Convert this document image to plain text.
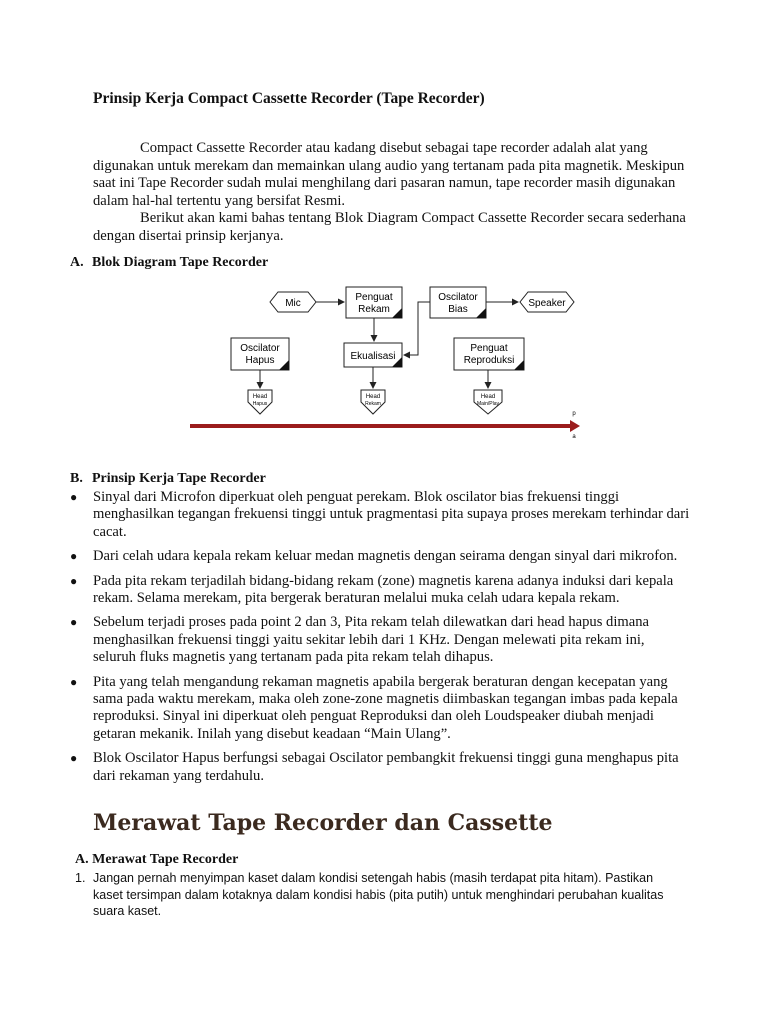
Prinsip Kerja Compact Cassette Recorder (Tape Recorder)

Compact Cassette Recorder atau kadang disebut sebagai tape recorder adalah alat yang digunakan untuk merekam dan memainkan ulang audio yang tertanam pada pita magnetik. Meskipun saat ini Tape Recorder sudah mulai menghilang dari pasaran namun, tape recorder masih digunakan dalam hal-hal tertentu yang bersifat Resmi.

Berikut akan kami bahas tentang Blok Diagram Compact Cassette Recorder secara sederhana dengan disertai prinsip kerjanya.

A. Blok Diagram Tape Recorder
Mic
Penguat
Rekam
Oscilator
Bias
Speaker
Oscilator
Hapus	Ekualisasi
Penguat
Reproduksi
Head
Hapus
Head
Rekam
Head
Main/Play
p
a
B. Prinsip Kerja Tape Recorder
● Sinyal dari Microfon diperkuat oleh penguat perekam. Blok oscilator bias frekuensi tinggi menghasilkan tegangan frekuensi tinggi untuk pragmentasi pita supaya proses merekam terhindar dari cacat.
● Dari celah udara kepala rekam keluar medan magnetis dengan seirama dengan sinyal dari mikrofon.
● Pada pita rekam terjadilah bidang-bidang rekam (zone) magnetis karena adanya induksi dari kepala rekam. Selama merekam, pita bergerak beraturan melalui muka celah udara kepala rekam.
● Sebelum terjadi proses pada point 2 dan 3, Pita rekam telah dilewatkan dari head hapus dimana menghasilkan frekuensi tinggi yaitu sekitar lebih dari 1 KHz. Dengan melewati pita rekam ini, seluruh fluks magnetis yang tertanam pada pita rekam telah dihapus.
● Pita yang telah mengandung rekaman magnetis apabila bergerak beraturan dengan kecepatan yang sama pada waktu merekam, maka oleh zone-zone magnetis diimbaskan tegangan imbas pada kepala reproduksi. Sinyal ini diperkuat oleh penguat Reproduksi dan oleh Loudspeaker diubah menjadi getaran mekanik. Inilah yang disebut keadaan “Main Ulang”.
● Blok Oscilator Hapus berfungsi sebagai Oscilator pembangkit frekuensi tinggi guna menghapus pita dari rekaman yang terdahulu.
Merawat Tape Recorder dan Cassette
A. Merawat Tape Recorder
1. Jangan pernah menyimpan kaset dalam kondisi setengah habis (masih terdapat pita hitam). Pastikan kaset tersimpan dalam kotaknya dalam kondisi habis (pita putih) untuk menghindari perubahan kualitas suara kaset.
